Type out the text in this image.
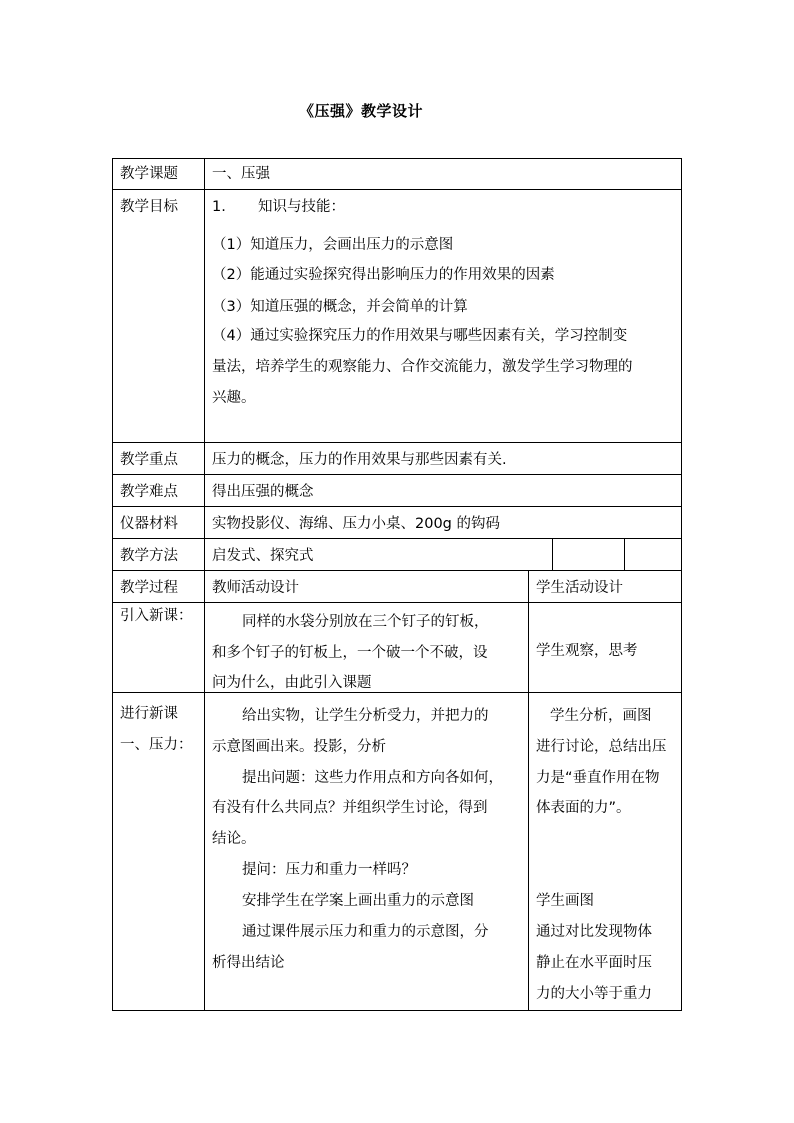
《压强》教学设计
教学课题 一、压强
教学目标 1. 知识与技能：
（1）知道压力，会画出压力的示意图
（2）能通过实验探究得出影响压力的作用效果的因素
（3）知道压强的概念，并会简单的计算
（4）通过实验探究压力的作用效果与哪些因素有关，学习控制变
量法，培养学生的观察能力、合作交流能力，激发学生学习物理的
兴趣。
教学重点 压力的概念，压力的作用效果与那些因素有关.
教学难点 得出压强的概念
仪器材料 实物投影仪、海绵、压力小桌、200g 的钩码
教学方法 启发式、探究式
教学过程 教师活动设计	学生活动设计
引入新课：	同样的水袋分别放在三个钉子的钉板，
和多个钉子的钉板上，一个破一个不破，设
问为什么，由此引入课题
学生观察，思考
进行新课
一、压力：
给出实物，让学生分析受力，并把力的
示意图画出来。投影，分析
提出问题：这些力作用点和方向各如何，
有没有什么共同点？并组织学生讨论，得到
结论。
提问：压力和重力一样吗？
安排学生在学案上画出重力的示意图
通过课件展示压力和重力的示意图，分
析得出结论
学生分析，画图
进行讨论，总结出压
力是“垂直作用在物
体表面的力”。
学生画图
通过对比发现物体
静止在水平面时压
力的大小等于重力
